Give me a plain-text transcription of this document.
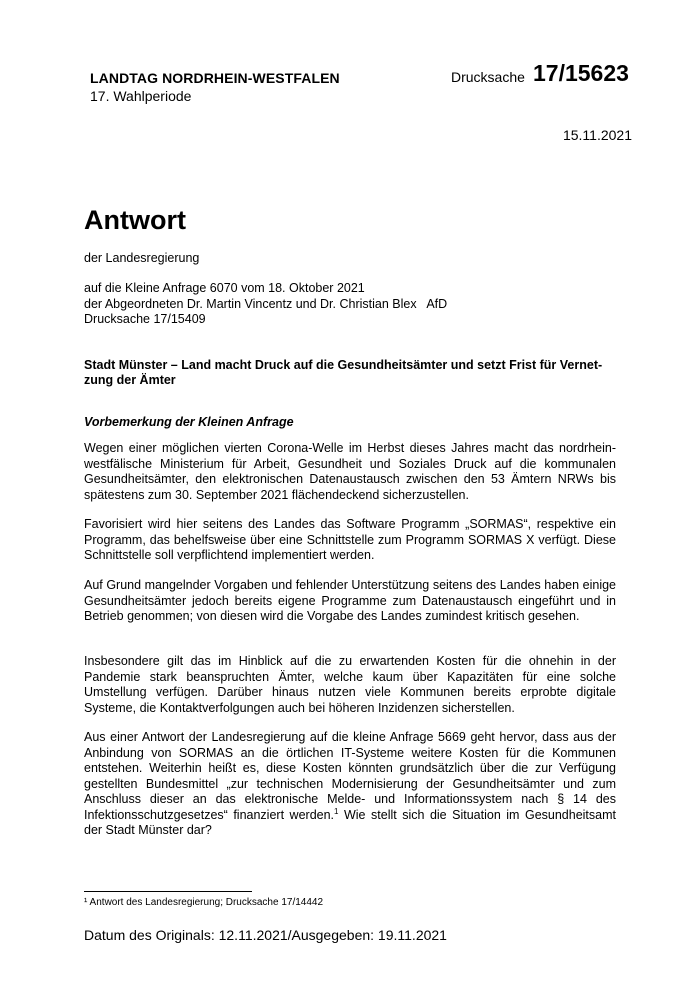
LANDTAG NORDRHEIN-WESTFALEN
17. Wahlperiode
Drucksache 17/15623
15.11.2021
Antwort
der Landesregierung
auf die Kleine Anfrage 6070 vom 18. Oktober 2021
der Abgeordneten Dr. Martin Vincentz und Dr. Christian Blex   AfD
Drucksache 17/15409
Stadt Münster – Land macht Druck auf die Gesundheitsämter und setzt Frist für Vernet-zung der Ämter
Vorbemerkung der Kleinen Anfrage

Wegen einer möglichen vierten Corona-Welle im Herbst dieses Jahres macht das nordrhein-westfälische Ministerium für Arbeit, Gesundheit und Soziales Druck auf die kommunalen Gesundheitsämter, den elektronischen Datenaustausch zwischen den 53 Ämtern NRWs bis spätestens zum 30. September 2021 flächendeckend sicherzustellen.

Favorisiert wird hier seitens des Landes das Software Programm „SORMAS“, respektive ein Programm, das behelfsweise über eine Schnittstelle zum Programm SORMAS X verfügt. Diese Schnittstelle soll verpflichtend implementiert werden.

Auf Grund mangelnder Vorgaben und fehlender Unterstützung seitens des Landes haben einige Gesundheitsämter jedoch bereits eigene Programme zum Datenaustausch eingeführt und in Betrieb genommen; von diesen wird die Vorgabe des Landes zumindest kritisch gesehen.

Insbesondere gilt das im Hinblick auf die zu erwartenden Kosten für die ohnehin in der Pandemie stark beanspruchten Ämter, welche kaum über Kapazitäten für eine solche Umstellung verfügen. Darüber hinaus nutzen viele Kommunen bereits erprobte digitale Systeme, die Kontaktverfolgungen auch bei höheren Inzidenzen sicherstellen.

Aus einer Antwort der Landesregierung auf die kleine Anfrage 5669 geht hervor, dass aus der Anbindung von SORMAS an die örtlichen IT-Systeme weitere Kosten für die Kommunen entstehen. Weiterhin heißt es, diese Kosten könnten grundsätzlich über die zur Verfügung gestellten Bundesmittel „zur technischen Modernisierung der Gesundheitsämter und zum Anschluss dieser an das elektronische Melde- und Informationssystem nach § 14 des Infektionsschutzgesetzes“ finanziert werden.$^1$ Wie stellt sich die Situation im Gesundheitsamt der Stadt Münster dar?

¹ Antwort des Landesregierung; Drucksache 17/14442
Datum des Originals: 12.11.2021/Ausgegeben: 19.11.2021
